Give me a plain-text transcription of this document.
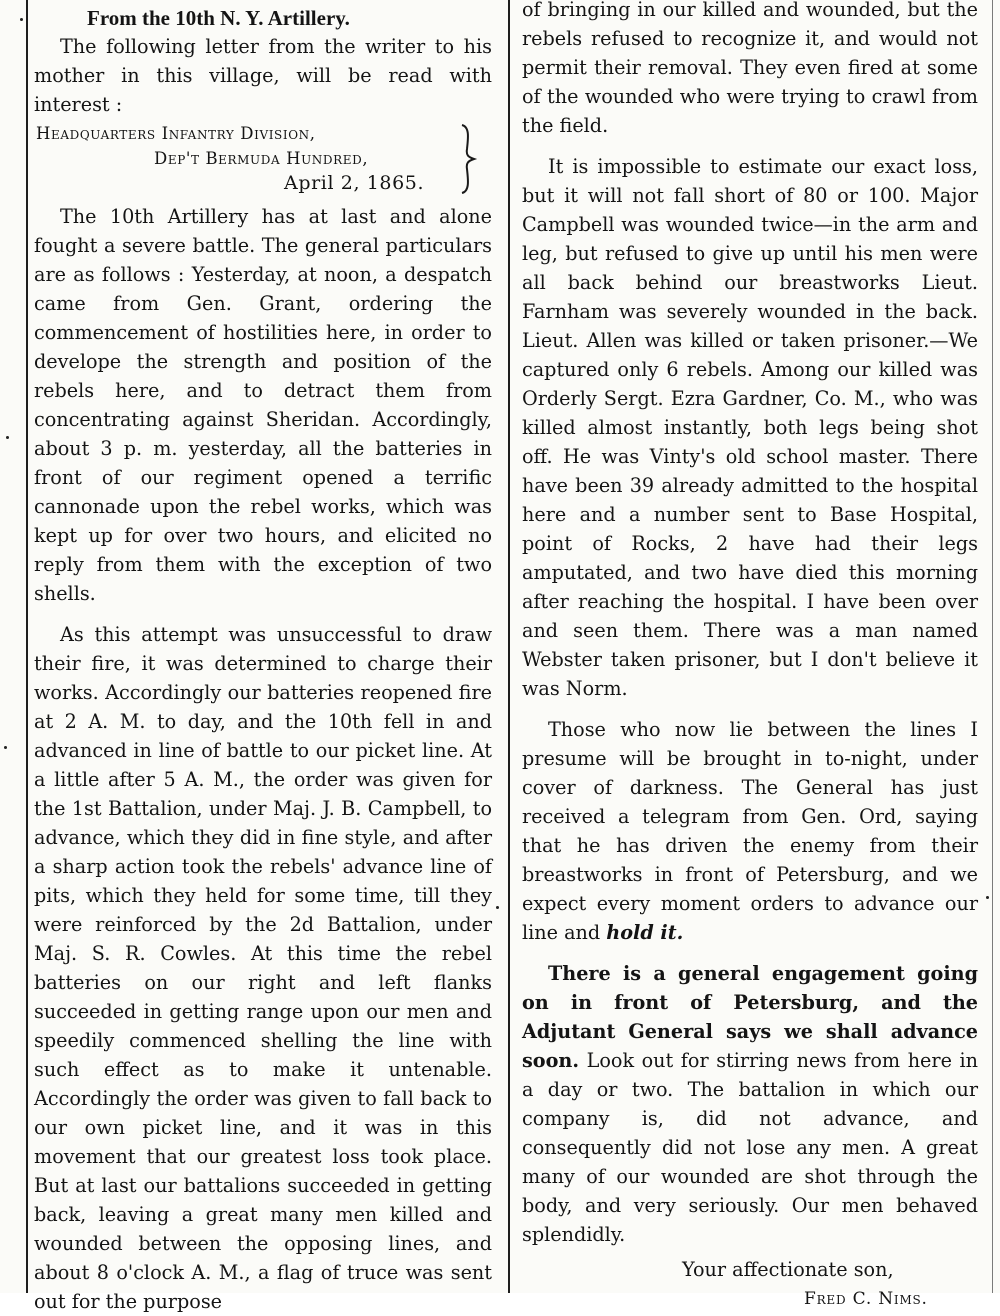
From the 10th N. Y. Artillery.

The following letter from the writer to his mother in this village, will be read with interest :

Headquarters Infantry Division,
Dep't Bermuda Hundred,
April 2, 1865.

The 10th Artillery has at last and alone fought a severe battle. The general particulars are as follows : Yesterday, at noon, a despatch came from Gen. Grant, ordering the commencement of hostilities here, in order to develope the strength and position of the rebels here, and to detract them from concentrating against Sheridan. Accordingly, about 3 p. m. yesterday, all the batteries in front of our regiment opened a terrific cannonade upon the rebel works, which was kept up for over two hours, and elicited no reply from them with the exception of two shells.

As this attempt was unsuccessful to draw their fire, it was determined to charge their works. Accordingly our batteries reopened fire at 2 A. M. to day, and the 10th fell in and advanced in line of battle to our picket line. At a little after 5 A. M., the order was given for the 1st Battalion, under Maj. J. B. Campbell, to advance, which they did in fine style, and after a sharp action took the rebels' advance line of pits, which they held for some time, till they were reinforced by the 2d Battalion, under Maj. S. R. Cowles. At this time the rebel batteries on our right and left flanks succeeded in getting range upon our men and speedily commenced shelling the line with such effect as to make it untenable. Accordingly the order was given to fall back to our own picket line, and it was in this movement that our greatest loss took place. But at last our battalions succeeded in getting back, leaving a great many men killed and wounded between the opposing lines, and about 8 o'clock A. M., a flag of truce was sent out for the purpose

of bringing in our killed and wounded, but the rebels refused to recognize it, and would not permit their removal. They even fired at some of the wounded who were trying to crawl from the field.

It is impossible to estimate our exact loss, but it will not fall short of 80 or 100. Major Campbell was wounded twice—in the arm and leg, but refused to give up until his men were all back behind our breastworks Lieut. Farnham was severely wounded in the back. Lieut. Allen was killed or taken prisoner.—We captured only 6 rebels. Among our killed was Orderly Sergt. Ezra Gardner, Co. M., who was killed almost instantly, both legs being shot off. He was Vinty's old school master. There have been 39 already admitted to the hospital here and a number sent to Base Hospital, point of Rocks, 2 have had their legs amputated, and two have died this morning after reaching the hospital. I have been over and seen them. There was a man named Webster taken prisoner, but I don't believe it was Norm.

Those who now lie between the lines I presume will be brought in to-night, under cover of darkness. The General has just received a telegram from Gen. Ord, saying that he has driven the enemy from their breastworks in front of Petersburg, and we expect every moment orders to advance our line and hold it.

There is a general engagement going on in front of Petersburg, and the Adjutant General says we shall advance soon. Look out for stirring news from here in a day or two. The battalion in which our company is, did not advance, and consequently did not lose any men. A great many of our wounded are shot through the body, and very seriously. Our men behaved splendidly.

Your affectionate son,

Fred C. Nims.
